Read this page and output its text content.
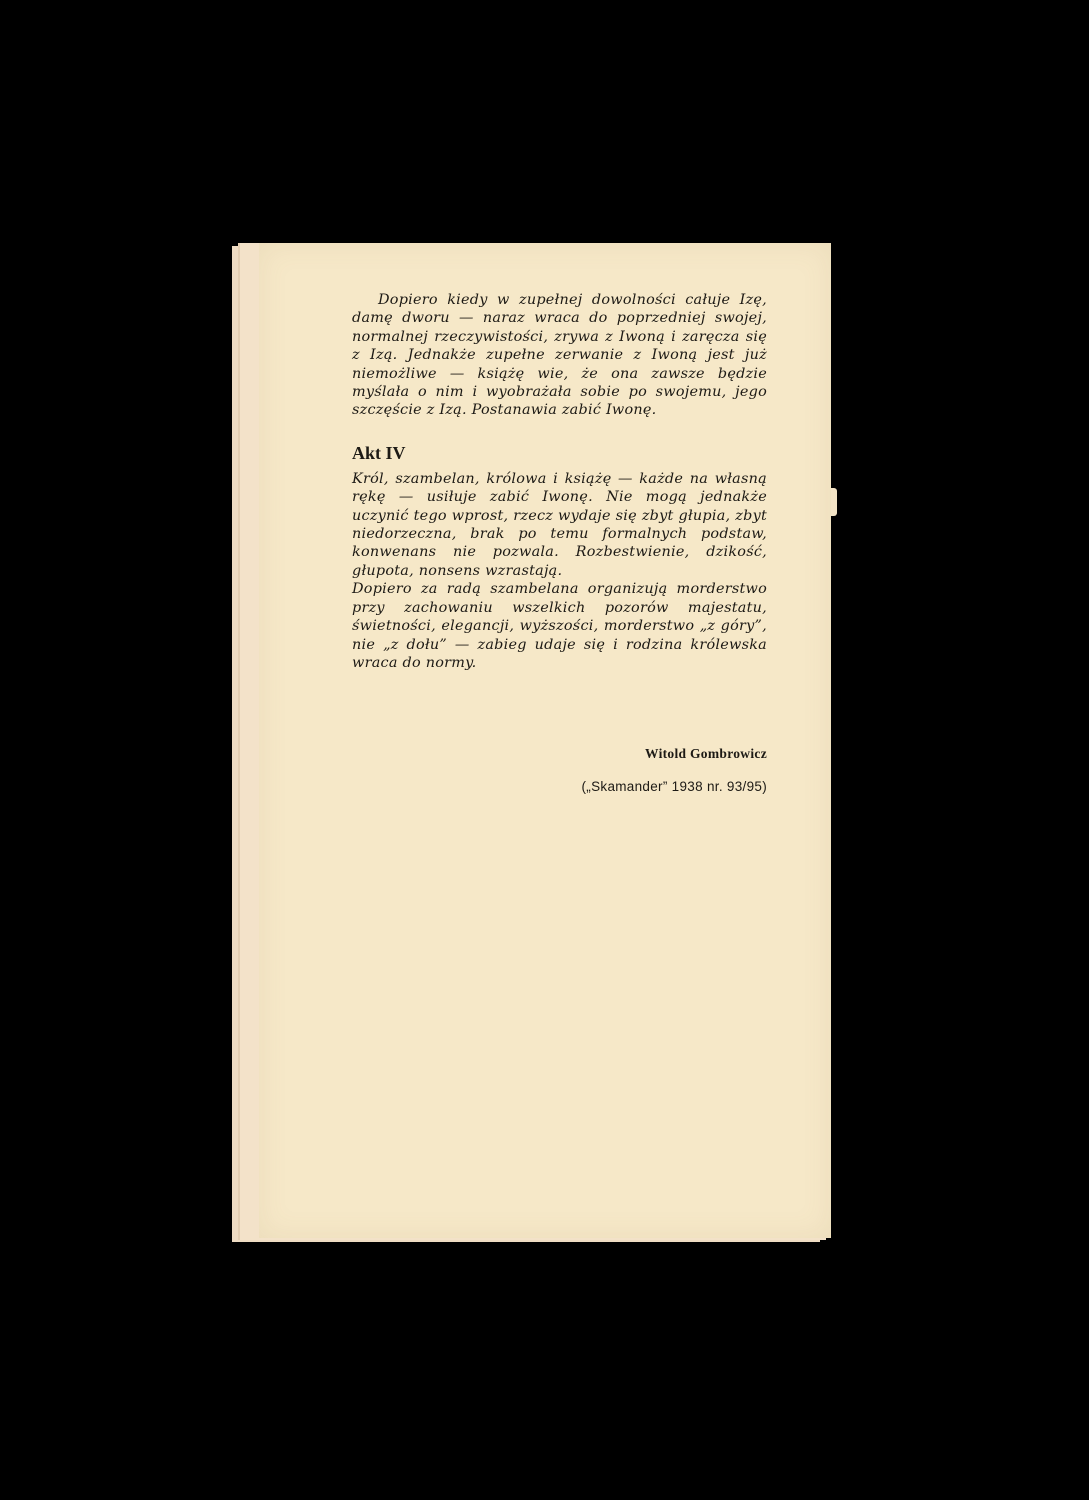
Dopiero kiedy w zupełnej dowolności całuje Izę, damę dworu — naraz wraca do poprzedniej swojej, normalnej rzeczywistości, zrywa z Iwoną i zaręcza się z Izą. Jednakże zupełne zerwanie z Iwoną jest już niemożliwe — książę wie, że ona zawsze będzie myślała o nim i wyobrażała sobie po swojemu, jego szczęście z Izą. Postanawia zabić Iwonę.

Akt IV

Król, szambelan, królowa i książę — każde na własną rękę — usiłuje zabić Iwonę. Nie mogą jednakże uczynić tego wprost, rzecz wydaje się zbyt głupia, zbyt niedorzeczna, brak po temu formalnych podstaw, konwenans nie pozwala. Rozbestwienie, dzikość, głupota, nonsens wzrastają.

Dopiero za radą szambelana organizują morderstwo przy zachowaniu wszelkich pozorów majestatu, świetności, elegancji, wyższości, morderstwo „z góry”, nie „z dołu” — zabieg udaje się i rodzina królewska wraca do normy.

Witold Gombrowicz
(„Skamander” 1938 nr. 93/95)
